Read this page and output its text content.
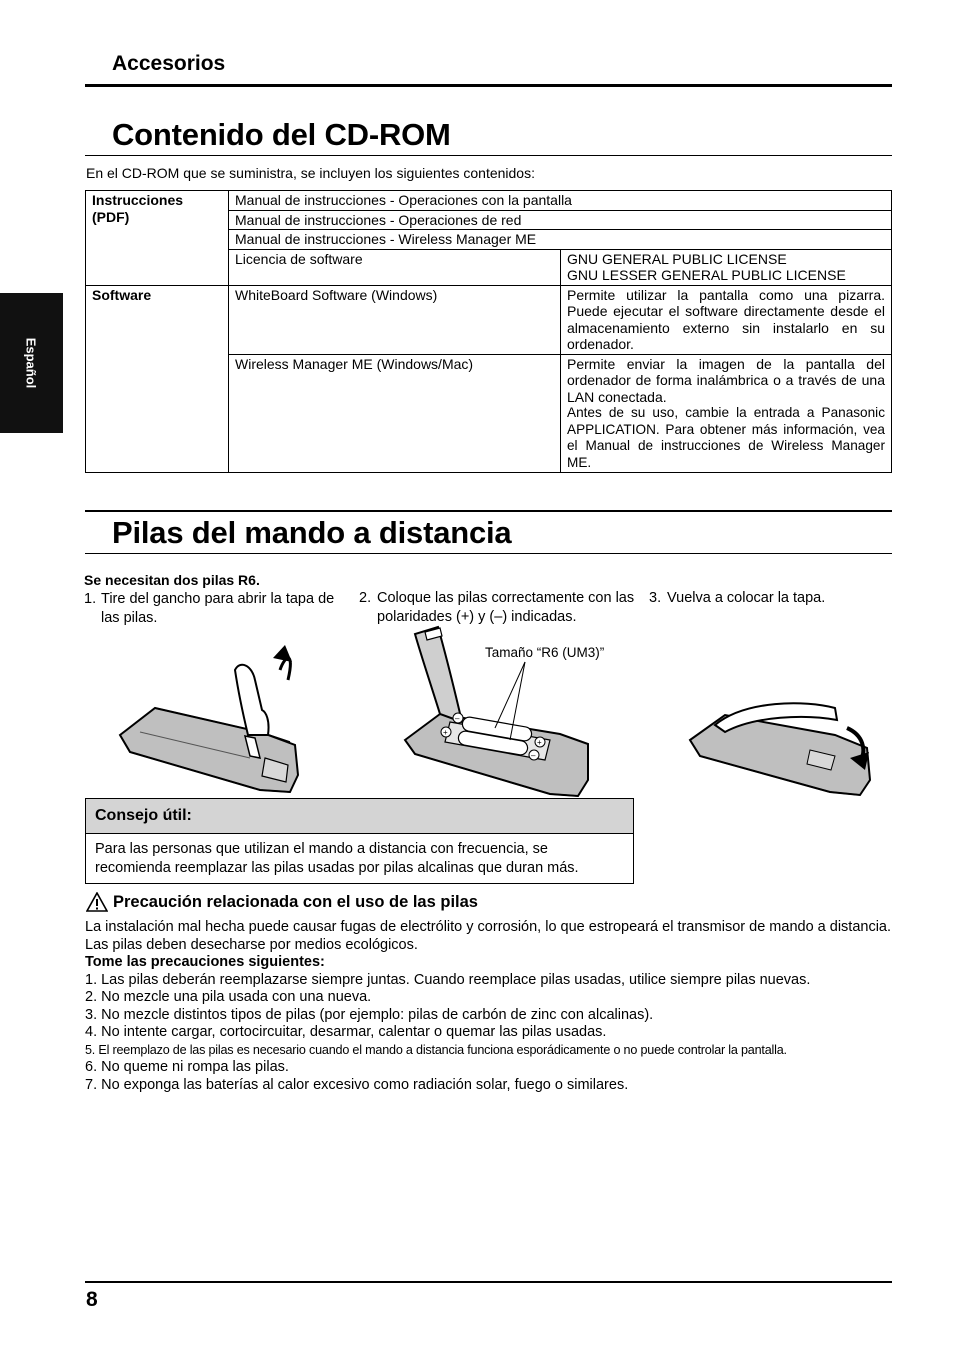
Español
Accesorios
Contenido del CD-ROM
En el CD-ROM que se suministra, se incluyen los siguientes contenidos:
Instrucciones (PDF)	Manual de instrucciones - Operaciones con la pantalla	
	Manual de instrucciones - Operaciones de red	
	Manual de instrucciones - Wireless Manager ME	
	Licencia de software	GNU GENERAL PUBLIC LICENSE
GNU LESSER GENERAL PUBLIC LICENSE

Software	WhiteBoard Software (Windows)	Permite utilizar la pantalla como una pizarra. Puede ejecutar el software directamente desde el almacenamiento externo sin instalarlo en su ordenador.
	Wireless Manager ME (Windows/Mac)	Permite enviar la imagen de la pantalla del ordenador de forma inalámbrica o a través de una LAN conectada.
Antes de su uso, cambie la entrada a Panasonic APPLICATION. Para obtener más información, vea el Manual de instrucciones de Wireless Manager ME.
Pilas del mando a distancia
Se necesitan dos pilas R6.
1. Tire del gancho para abrir la tapa de las pilas.
2. Coloque las pilas correctamente con las polaridades (+) y (–) indicadas.
3. Vuelva a colocar la tapa.
–
+
+
–
Tamaño “R6 (UM3)”
Consejo útil:
Para las personas que utilizan el mando a distancia con frecuencia, se recomienda reemplazar las pilas usadas por pilas alcalinas que duran más.
Precaución relacionada con el uso de las pilas

La instalación mal hecha puede causar fugas de electrólito y corrosión, lo que estropeará el transmisor de mando a distancia. Las pilas deben desecharse por medios ecológicos.

Tome las precauciones siguientes:

1. Las pilas deberán reemplazarse siempre juntas. Cuando reemplace pilas usadas, utilice siempre pilas nuevas.

2. No mezcle una pila usada con una nueva.

3. No mezcle distintos tipos de pilas (por ejemplo: pilas de carbón de zinc con alcalinas).

4. No intente cargar, cortocircuitar, desarmar, calentar o quemar las pilas usadas.

5. El reemplazo de las pilas es necesario cuando el mando a distancia funciona esporádicamente o no puede controlar la pantalla.

6. No queme ni rompa las pilas.

7. No exponga las baterías al calor excesivo como radiación solar, fuego o similares.

8
